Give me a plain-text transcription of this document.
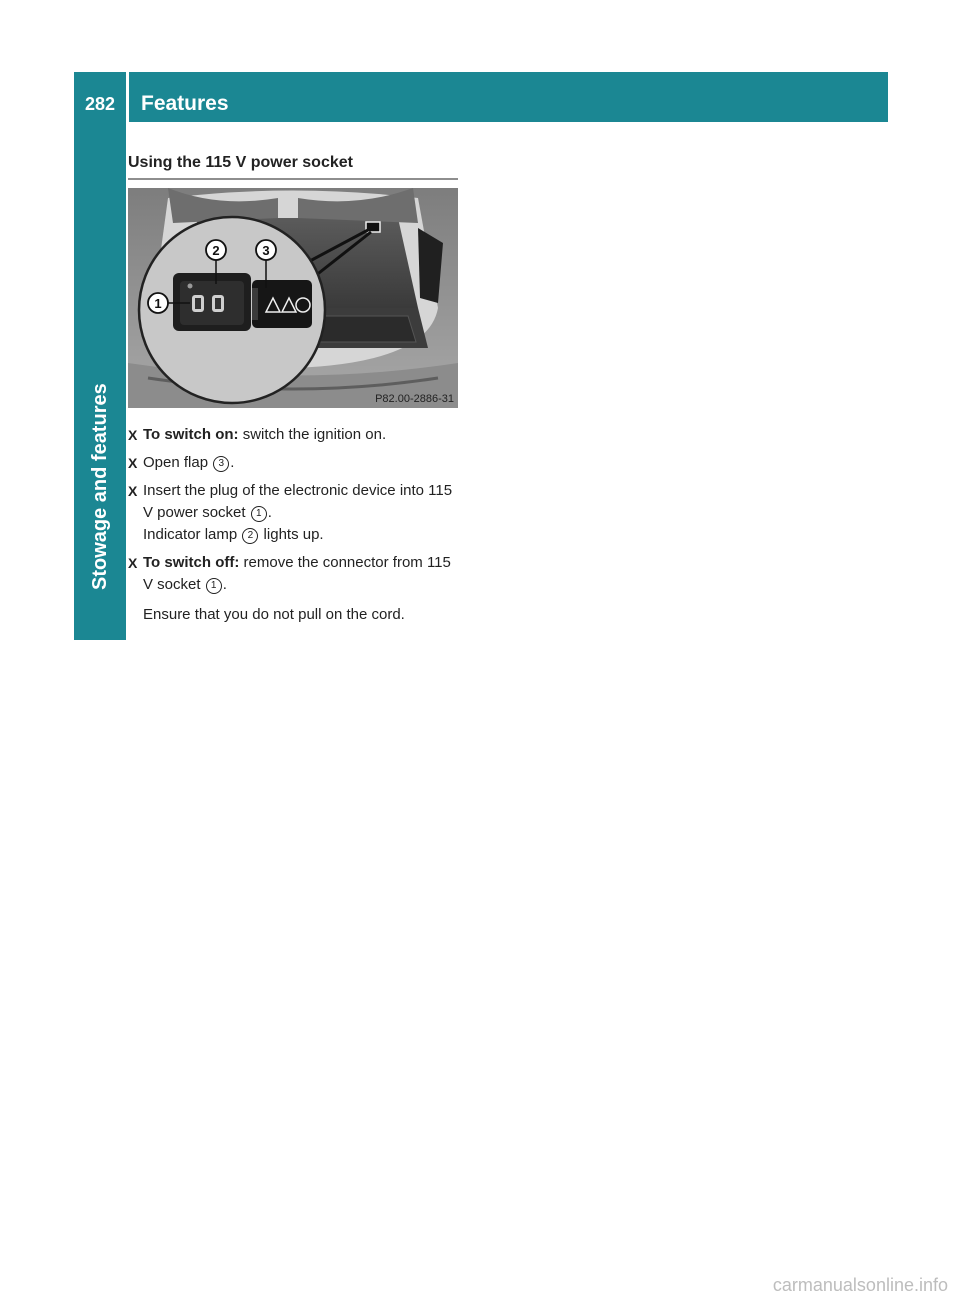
282	Features
Stowage and features
Using the 115 V power socket
2	3
1
P82.00-2886-31
X To switch on: switch the ignition on.
X Open flap 3 .
X Insert the plug of the electronic device into 115 V power socket 1 .
Indicator lamp 2 lights up.
X To switch off: remove the connector from 115 V socket 1 .
Ensure that you do not pull on the cord.
carmanualsonline.info
